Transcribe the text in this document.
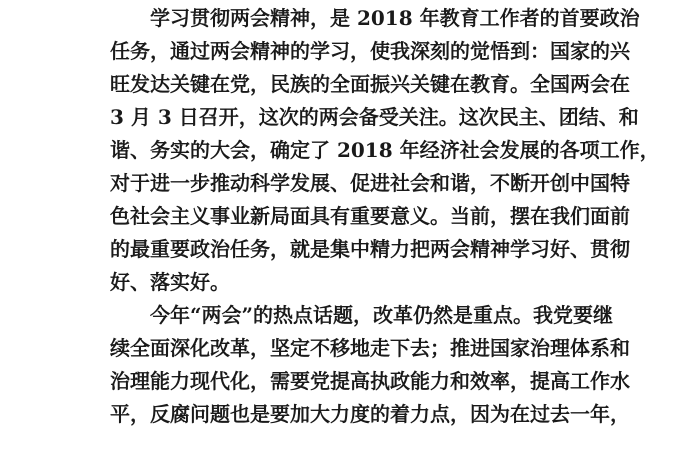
学习贯彻两会精神，是 2018 年教育工作者的首要政治
任务，通过两会精神的学习，使我深刻的觉悟到：国家的兴
旺发达关键在党，民族的全面振兴关键在教育。全国两会在
3 月 3 日召开，这次的两会备受关注。这次民主、团结、和
谐、务实的大会，确定了 2018 年经济社会发展的各项工作，
对于进一步推动科学发展、促进社会和谐，不断开创中国特
色社会主义事业新局面具有重要意义。当前，摆在我们面前
的最重要政治任务，就是集中精力把两会精神学习好、贯彻
好、落实好。
今年“两会”的热点话题，改革仍然是重点。我党要继
续全面深化改革，坚定不移地走下去；推进国家治理体系和
治理能力现代化，需要党提高执政能力和效率，提高工作水
平，反腐问题也是要加大力度的着力点，因为在过去一年，
